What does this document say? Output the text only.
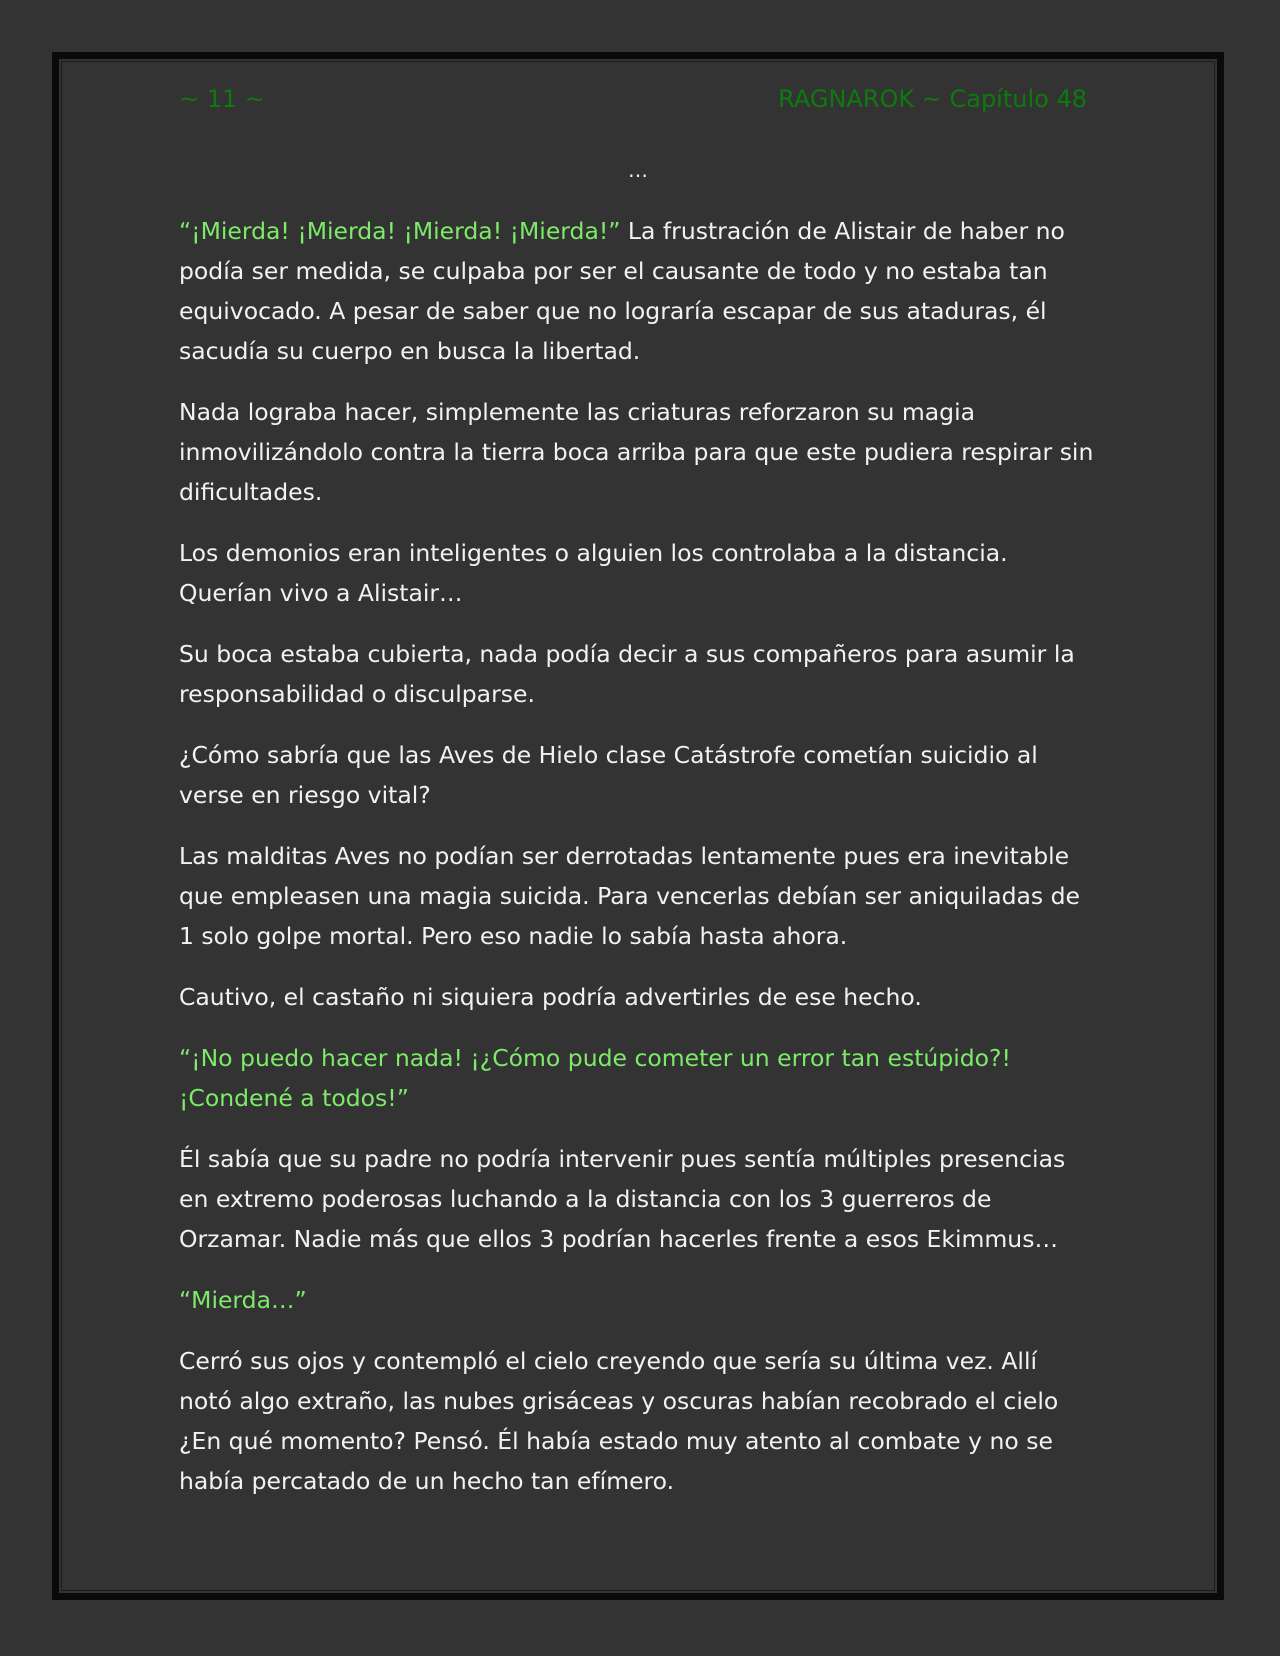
~ 11 ~	RAGNAROK ~ Capítulo 48
…

“¡Mierda! ¡Mierda! ¡Mierda! ¡Mierda!” La frustración de Alistair de haber no podía ser medida, se culpaba por ser el causante de todo y no estaba tan equivocado. A pesar de saber que no lograría escapar de sus ataduras, él sacudía su cuerpo en busca la libertad.

Nada lograba hacer, simplemente las criaturas reforzaron su magia inmovilizándolo contra la tierra boca arriba para que este pudiera respirar sin dificultades.

Los demonios eran inteligentes o alguien los controlaba a la distancia. Querían vivo a Alistair…

Su boca estaba cubierta, nada podía decir a sus compañeros para asumir la responsabilidad o disculparse.

¿Cómo sabría que las Aves de Hielo clase Catástrofe cometían suicidio al verse en riesgo vital?

Las malditas Aves no podían ser derrotadas lentamente pues era inevitable que empleasen una magia suicida. Para vencerlas debían ser aniquiladas de 1 solo golpe mortal. Pero eso nadie lo sabía hasta ahora.

Cautivo, el castaño ni siquiera podría advertirles de ese hecho.

“¡No puedo hacer nada! ¡¿Cómo pude cometer un error tan estúpido?! ¡Condené a todos!”

Él sabía que su padre no podría intervenir pues sentía múltiples presencias en extremo poderosas luchando a la distancia con los 3 guerreros de Orzamar. Nadie más que ellos 3 podrían hacerles frente a esos Ekimmus…

“Mierda…”

Cerró sus ojos y contempló el cielo creyendo que sería su última vez. Allí notó algo extraño, las nubes grisáceas y oscuras habían recobrado el cielo ¿En qué momento? Pensó. Él había estado muy atento al combate y no se había percatado de un hecho tan efímero.
